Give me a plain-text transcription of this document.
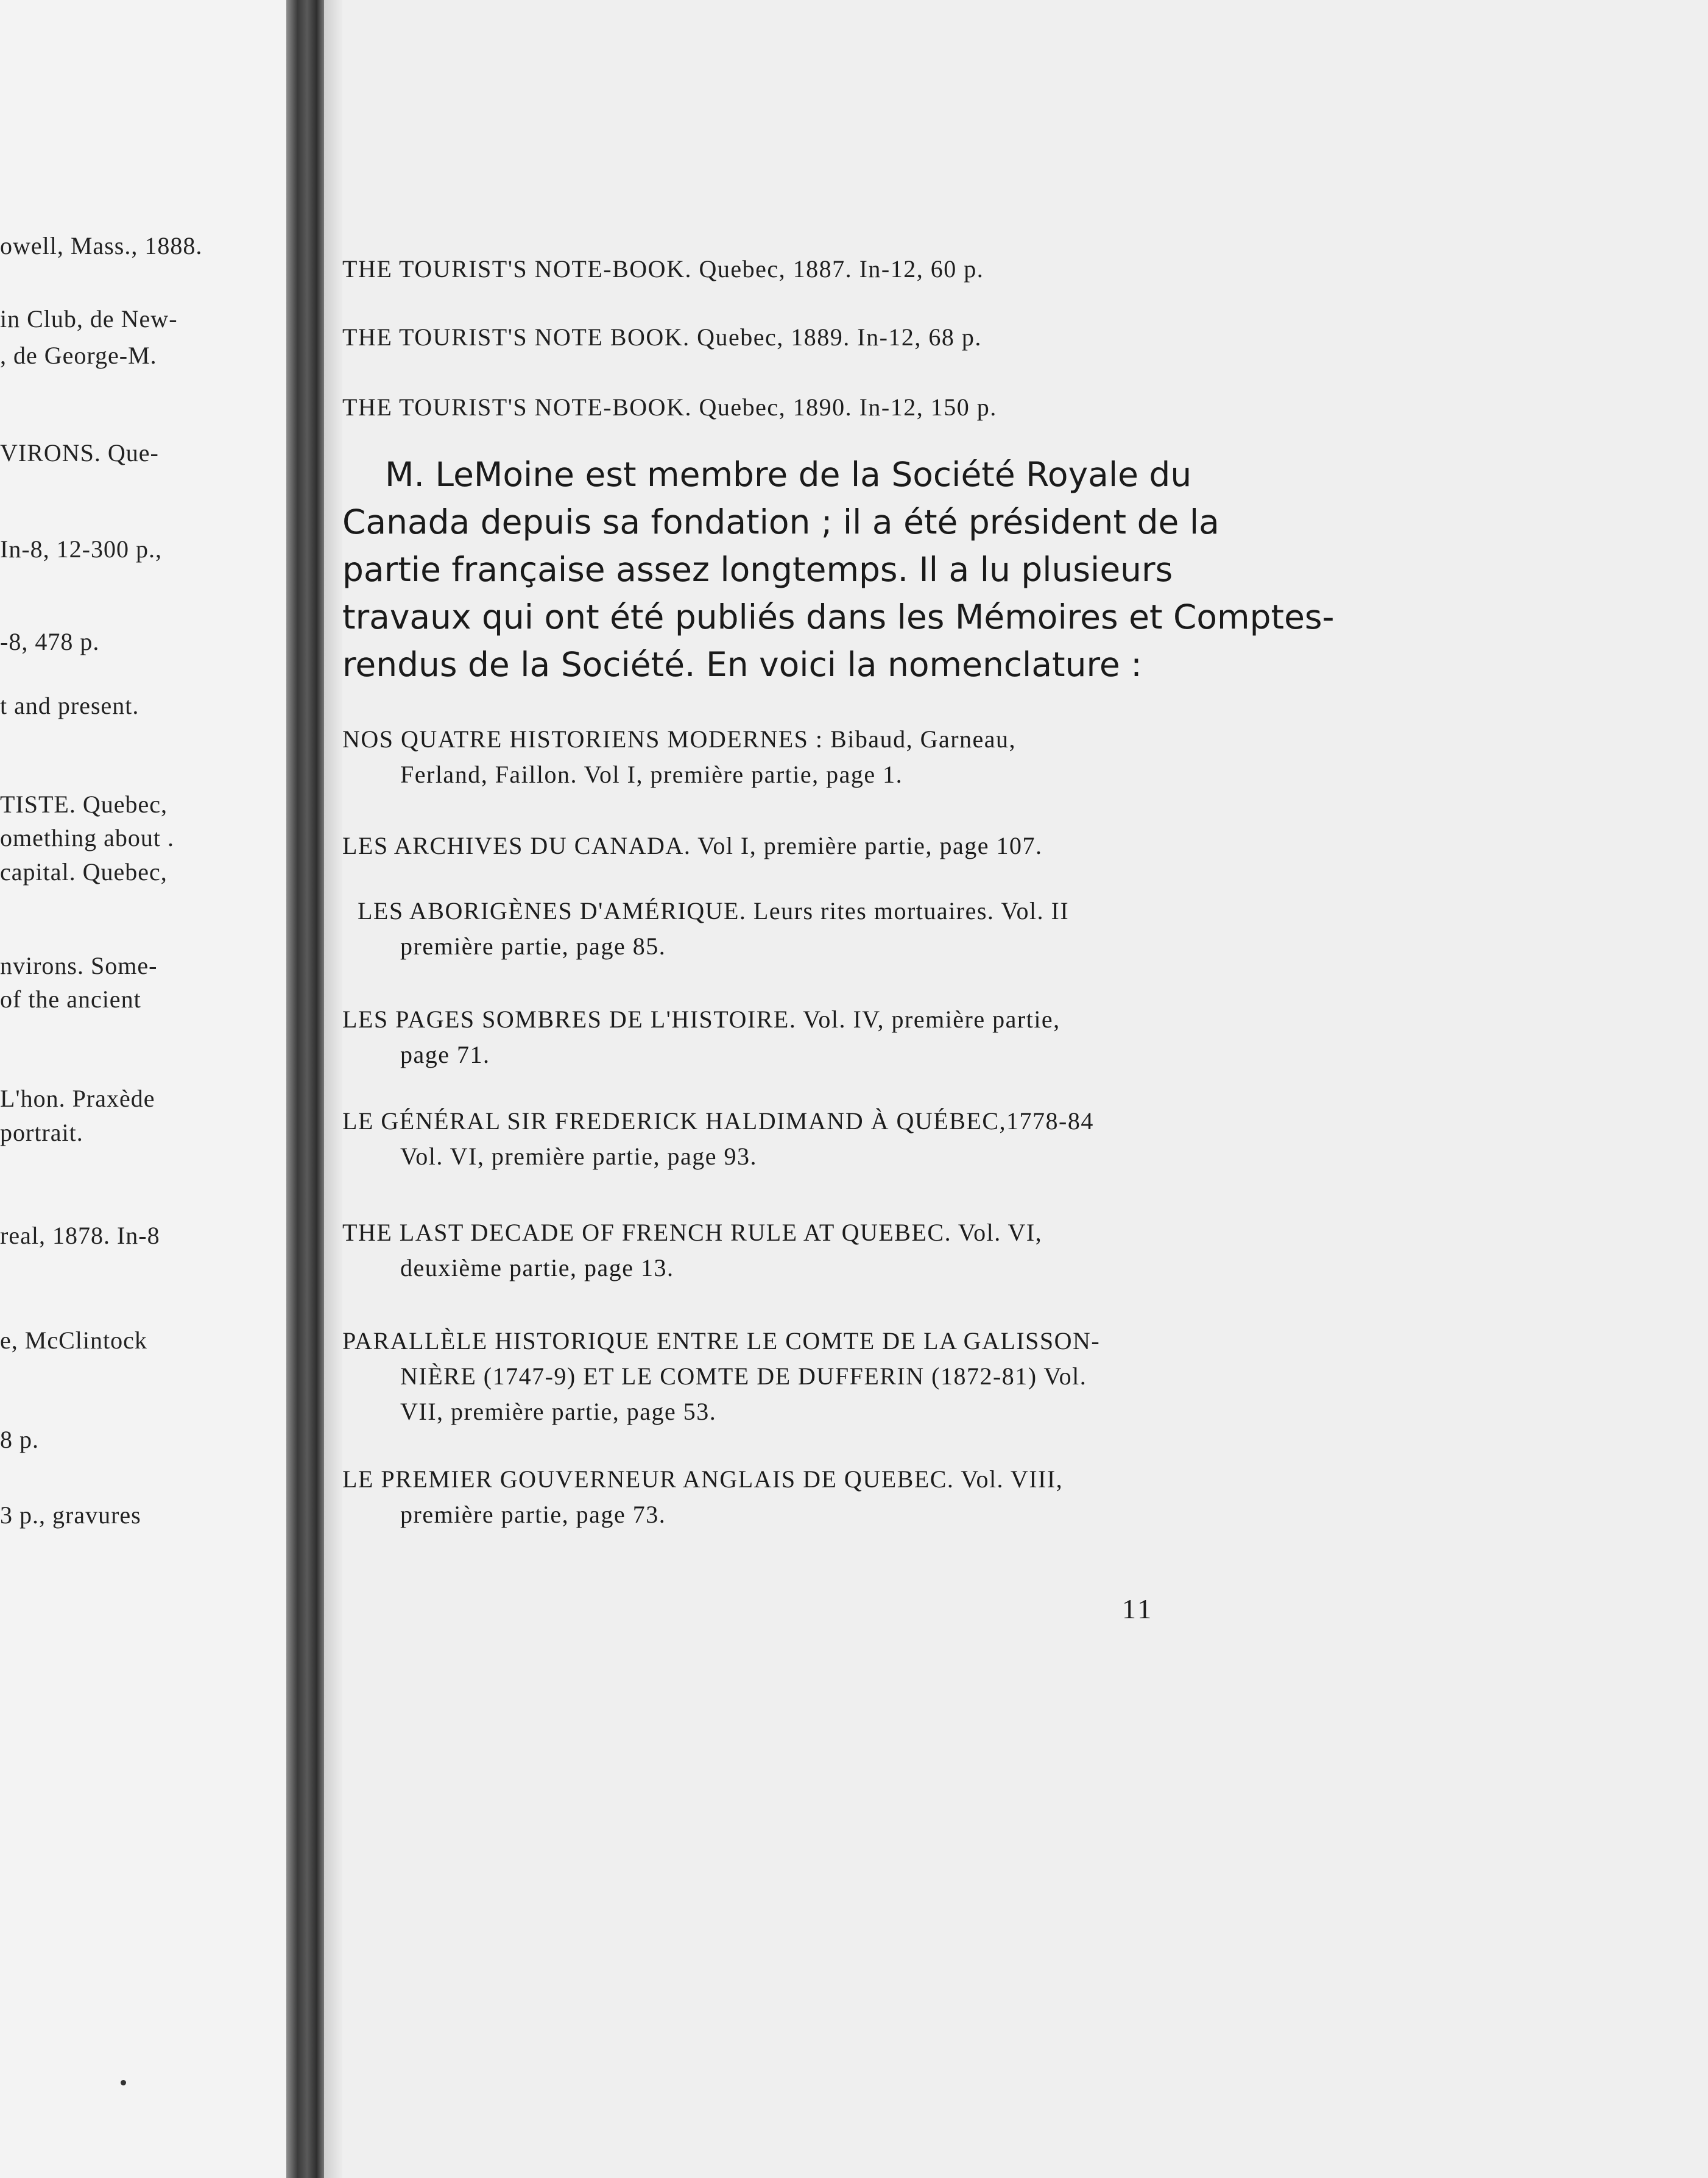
owell, Mass., 1888.
in Club, de New-
, de George-M.
VIRONS. Que-
In-8, 12-300 p.,
-8, 478 p.
t and present.
TISTE. Quebec,
omething about .
capital. Quebec,
nvirons. Some-
of the ancient
L'hon. Praxède
portrait.
real, 1878. In-8
e, McClintock
8 p.
3 p., gravures
THE TOURIST'S NOTE-BOOK. Quebec, 1887. In-12, 60 p.
THE TOURIST'S NOTE BOOK. Quebec, 1889. In-12, 68 p.
THE TOURIST'S NOTE-BOOK. Quebec, 1890. In-12, 150 p.
M. LeMoine est membre de la Société Royale du
Canada depuis sa fondation ; il a été président de la
partie française assez longtemps. Il a lu plusieurs
travaux qui ont été publiés dans les Mémoires et Comptes-
rendus de la Société. En voici la nomenclature :
NOS QUATRE HISTORIENS MODERNES : Bibaud, Garneau,
Ferland, Faillon. Vol I, première partie, page 1.
LES ARCHIVES DU CANADA. Vol I, première partie, page 107.
LES ABORIGÈNES D'AMÉRIQUE. Leurs rites mortuaires. Vol. II
première partie, page 85.
LES PAGES SOMBRES DE L'HISTOIRE. Vol. IV, première partie,
page 71.
LE GÉNÉRAL SIR FREDERICK HALDIMAND À QUÉBEC,1778-84
Vol. VI, première partie, page 93.
THE LAST DECADE OF FRENCH RULE AT QUEBEC. Vol. VI,
deuxième partie, page 13.
PARALLÈLE HISTORIQUE ENTRE LE COMTE DE LA GALISSON-
NIÈRE (1747-9) ET LE COMTE DE DUFFERIN (1872-81) Vol.
VII, première partie, page 53.
LE PREMIER GOUVERNEUR ANGLAIS DE QUEBEC. Vol. VIII,
première partie, page 73.
11
